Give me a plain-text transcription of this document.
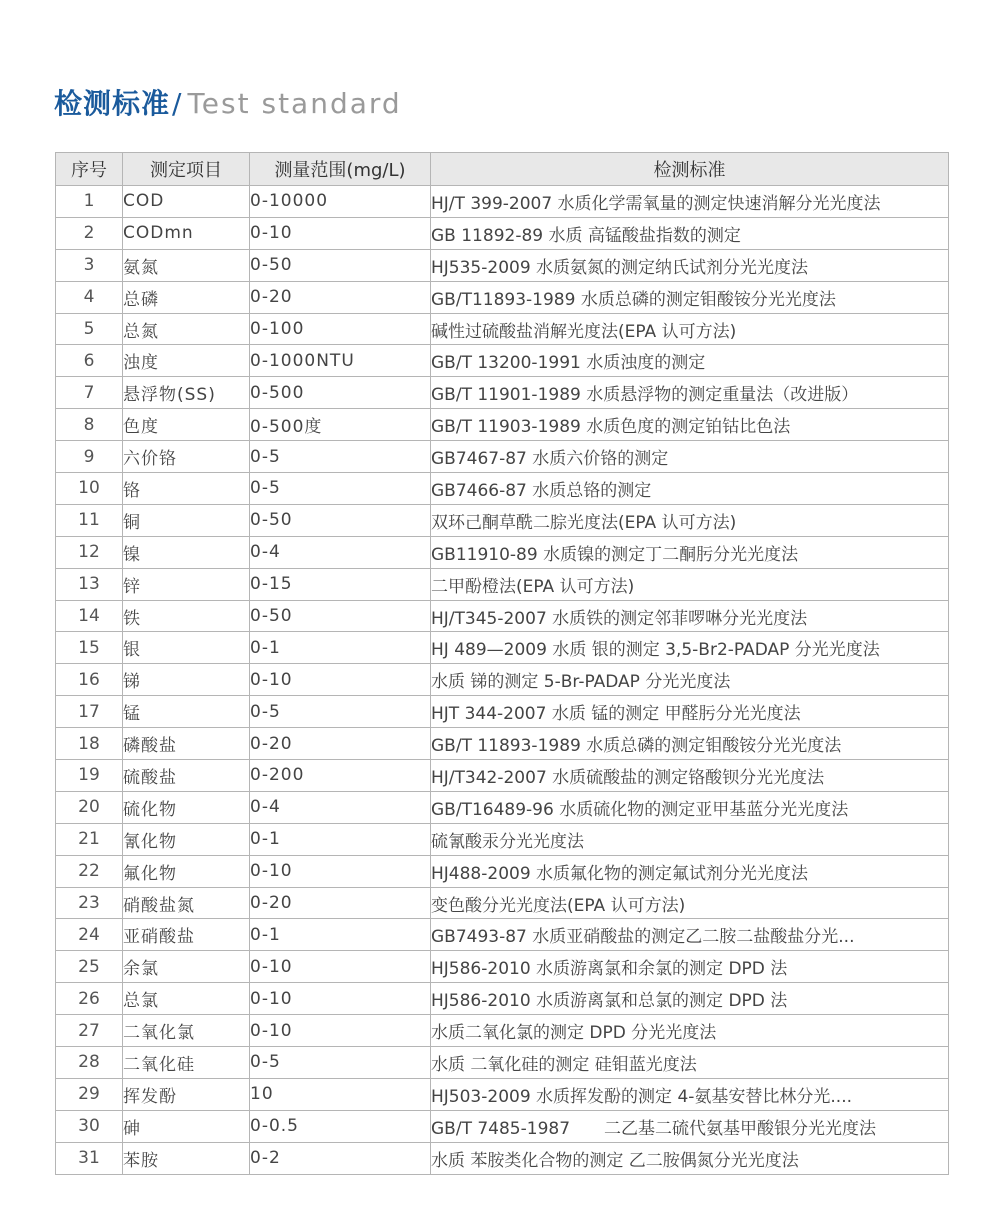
检测标准 / Test standard
序号	测定项目	测量范围(mg/L)	检测标准
1	COD	0-10000	HJ/T 399-2007 水质化学需氧量的测定快速消解分光光度法
2	CODmn	0-10	GB 11892-89 水质 高锰酸盐指数的测定
3	氨氮	0-50	HJ535-2009 水质氨氮的测定纳氏试剂分光光度法
4	总磷	0-20	GB/T11893-1989 水质总磷的测定钼酸铵分光光度法
5	总氮	0-100	碱性过硫酸盐消解光度法(EPA 认可方法)
6	浊度	0-1000NTU	GB/T 13200-1991 水质浊度的测定
7	悬浮物(SS)	0-500	GB/T 11901-1989 水质悬浮物的测定重量法（改进版）
8	色度	0-500度	GB/T 11903-1989 水质色度的测定铂钴比色法
9	六价铬	0-5	GB7467-87 水质六价铬的测定
10	铬	0-5	GB7466-87 水质总铬的测定
11	铜	0-50	双环己酮草酰二腙光度法(EPA 认可方法)
12	镍	0-4	GB11910-89 水质镍的测定丁二酮肟分光光度法
13	锌	0-15	二甲酚橙法(EPA 认可方法)
14	铁	0-50	HJ/T345-2007 水质铁的测定邻菲啰啉分光光度法
15	银	0-1	HJ 489—2009 水质 银的测定 3,5-Br2-PADAP 分光光度法
16	锑	0-10	水质 锑的测定 5-Br-PADAP 分光光度法
17	锰	0-5	HJT 344-2007 水质 锰的测定 甲醛肟分光光度法
18	磷酸盐	0-20	GB/T 11893-1989 水质总磷的测定钼酸铵分光光度法
19	硫酸盐	0-200	HJ/T342-2007 水质硫酸盐的测定铬酸钡分光光度法
20	硫化物	0-4	GB/T16489-96 水质硫化物的测定亚甲基蓝分光光度法
21	氰化物	0-1	硫氰酸汞分光光度法
22	氟化物	0-10	HJ488-2009 水质氟化物的测定氟试剂分光光度法
23	硝酸盐氮	0-20	变色酸分光光度法(EPA 认可方法)
24	亚硝酸盐	0-1	GB7493-87 水质亚硝酸盐的测定乙二胺二盐酸盐分光...
25	余氯	0-10	HJ586-2010 水质游离氯和余氯的测定 DPD 法
26	总氯	0-10	HJ586-2010 水质游离氯和总氯的测定 DPD 法
27	二氧化氯	0-10	水质二氧化氯的测定 DPD 分光光度法
28	二氧化硅	0-5	水质 二氧化硅的测定 硅钼蓝光度法
29	挥发酚	10	HJ503-2009 水质挥发酚的测定 4-氨基安替比林分光....
30	砷	0-0.5	GB/T 7485-1987　　二乙基二硫代氨基甲酸银分光光度法
31	苯胺	0-2	水质 苯胺类化合物的测定 乙二胺偶氮分光光度法
